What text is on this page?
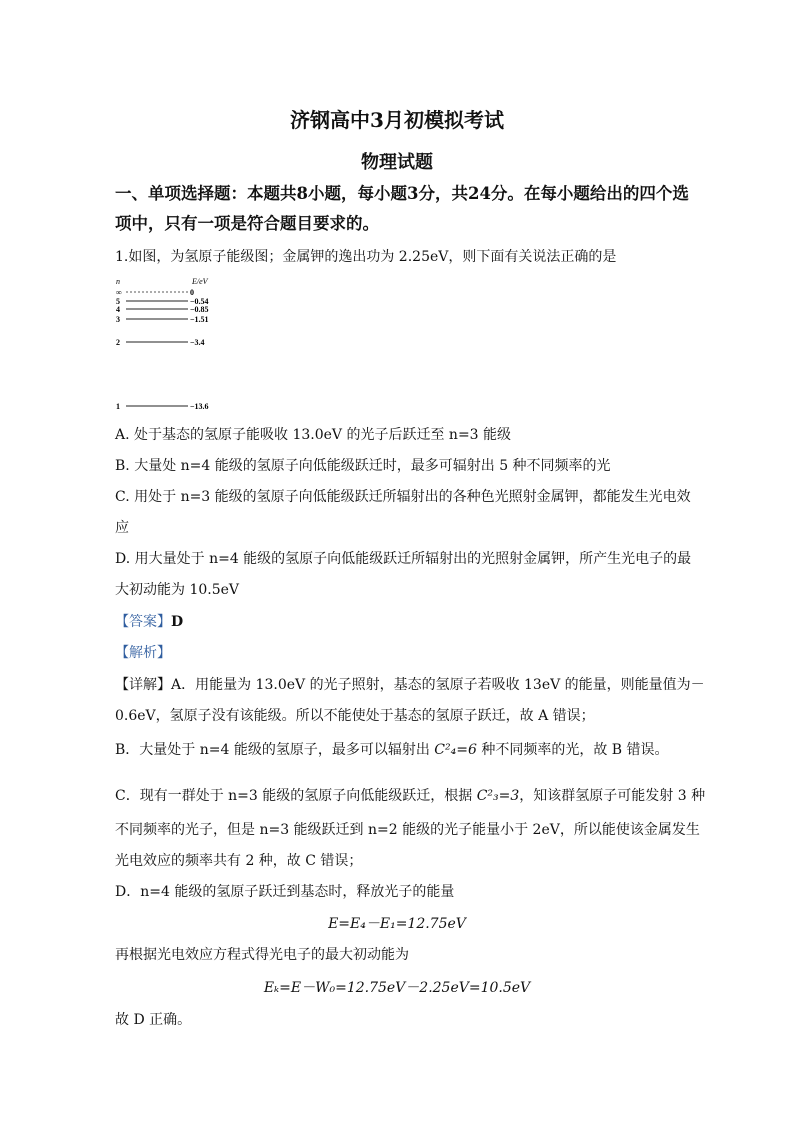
济钢高中3月初模拟考试
物理试题
一、单项选择题：本题共8小题，每小题3分，共24分。在每小题给出的四个选
项中，只有一项是符合题目要求的。
1.如图，为氢原子能级图；金属钾的逸出功为 2.25eV，则下面有关说法正确的是
n	E/eV
∞	0
5	−0.54
4	−0.85
3	−1.51
2	−3.4
1	−13.6
A. 处于基态的氢原子能吸收 13.0eV 的光子后跃迁至 n=3 能级
B. 大量处 n=4 能级的氢原子向低能级跃迁时，最多可辐射出 5 种不同频率的光
C. 用处于 n=3 能级的氢原子向低能级跃迁所辐射出的各种色光照射金属钾，都能发生光电效
应
D. 用大量处于 n=4 能级的氢原子向低能级跃迁所辐射出的光照射金属钾，所产生光电子的最
大初动能为 10.5eV
【答案】D
【解析】
【详解】A．用能量为 13.0eV 的光子照射，基态的氢原子若吸收 13eV 的能量，则能量值为－
0.6eV，氢原子没有该能级。所以不能使处于基态的氢原子跃迁，故 A 错误；
B．大量处于 n=4 能级的氢原子，最多可以辐射出 C²₄=6 种不同频率的光，故 B 错误。
C．现有一群处于 n=3 能级的氢原子向低能级跃迁，根据 C²₃=3，知该群氢原子可能发射 3 种
不同频率的光子，但是 n=3 能级跃迁到 n=2 能级的光子能量小于 2eV，所以能使该金属发生
光电效应的频率共有 2 种，故 C 错误；
D．n=4 能级的氢原子跃迁到基态时，释放光子的能量
E=E₄－E₁=12.75eV
再根据光电效应方程式得光电子的最大初动能为
Eₖ=E－W₀=12.75eV－2.25eV=10.5eV
故 D 正确。
